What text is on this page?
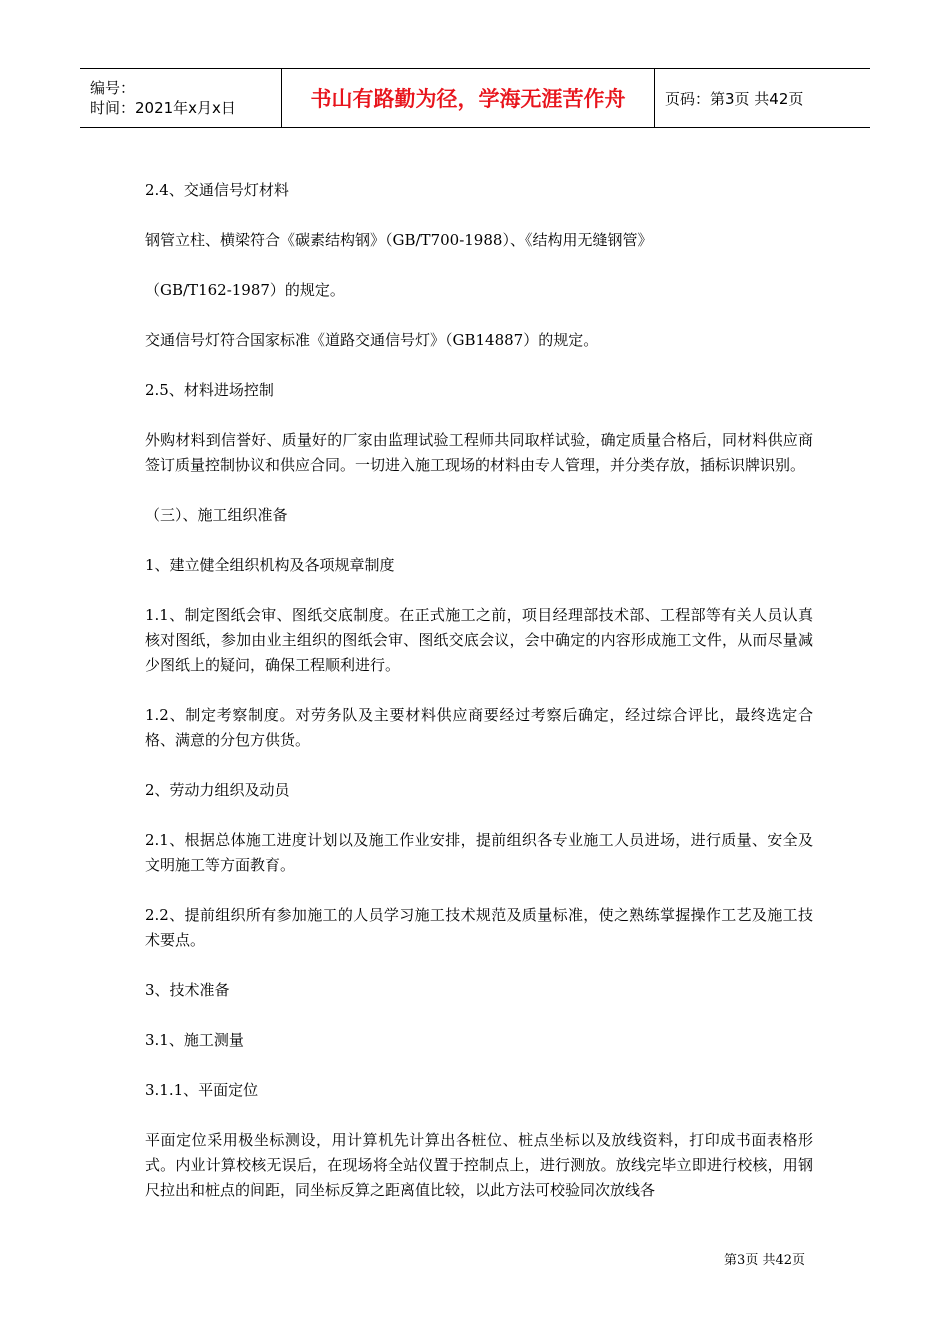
编号：
时间：2021年x月x日	书山有路勤为径，学海无涯苦作舟	页码：第3页 共42页

2.4、交通信号灯材料

钢管立柱、横梁符合《碳素结构钢》（GB/T700-1988）、《结构用无缝钢管》

（GB/T162-1987）的规定。

交通信号灯符合国家标准《道路交通信号灯》（GB14887）的规定。

2.5、材料进场控制

外购材料到信誉好、质量好的厂家由监理试验工程师共同取样试验，确定质量合格后，同材料供应商签订质量控制协议和供应合同。一切进入施工现场的材料由专人管理，并分类存放，插标识牌识别。

（三）、施工组织准备

1、建立健全组织机构及各项规章制度

1.1、制定图纸会审、图纸交底制度。在正式施工之前，项目经理部技术部、工程部等有关人员认真核对图纸，参加由业主组织的图纸会审、图纸交底会议，会中确定的内容形成施工文件，从而尽量减少图纸上的疑问，确保工程顺利进行。

1.2、制定考察制度。对劳务队及主要材料供应商要经过考察后确定，经过综合评比，最终选定合格、满意的分包方供货。

2、劳动力组织及动员

2.1、根据总体施工进度计划以及施工作业安排，提前组织各专业施工人员进场，进行质量、安全及文明施工等方面教育。

2.2、提前组织所有参加施工的人员学习施工技术规范及质量标准，使之熟练掌握操作工艺及施工技术要点。

3、技术准备

3.1、施工测量

3.1.1、平面定位

平面定位采用极坐标测设，用计算机先计算出各桩位、桩点坐标以及放线资料，打印成书面表格形式。内业计算校核无误后，在现场将全站仪置于控制点上，进行测放。放线完毕立即进行校核，用钢尺拉出和桩点的间距，同坐标反算之距离值比较，以此方法可校验同次放线各

第3页 共42页
